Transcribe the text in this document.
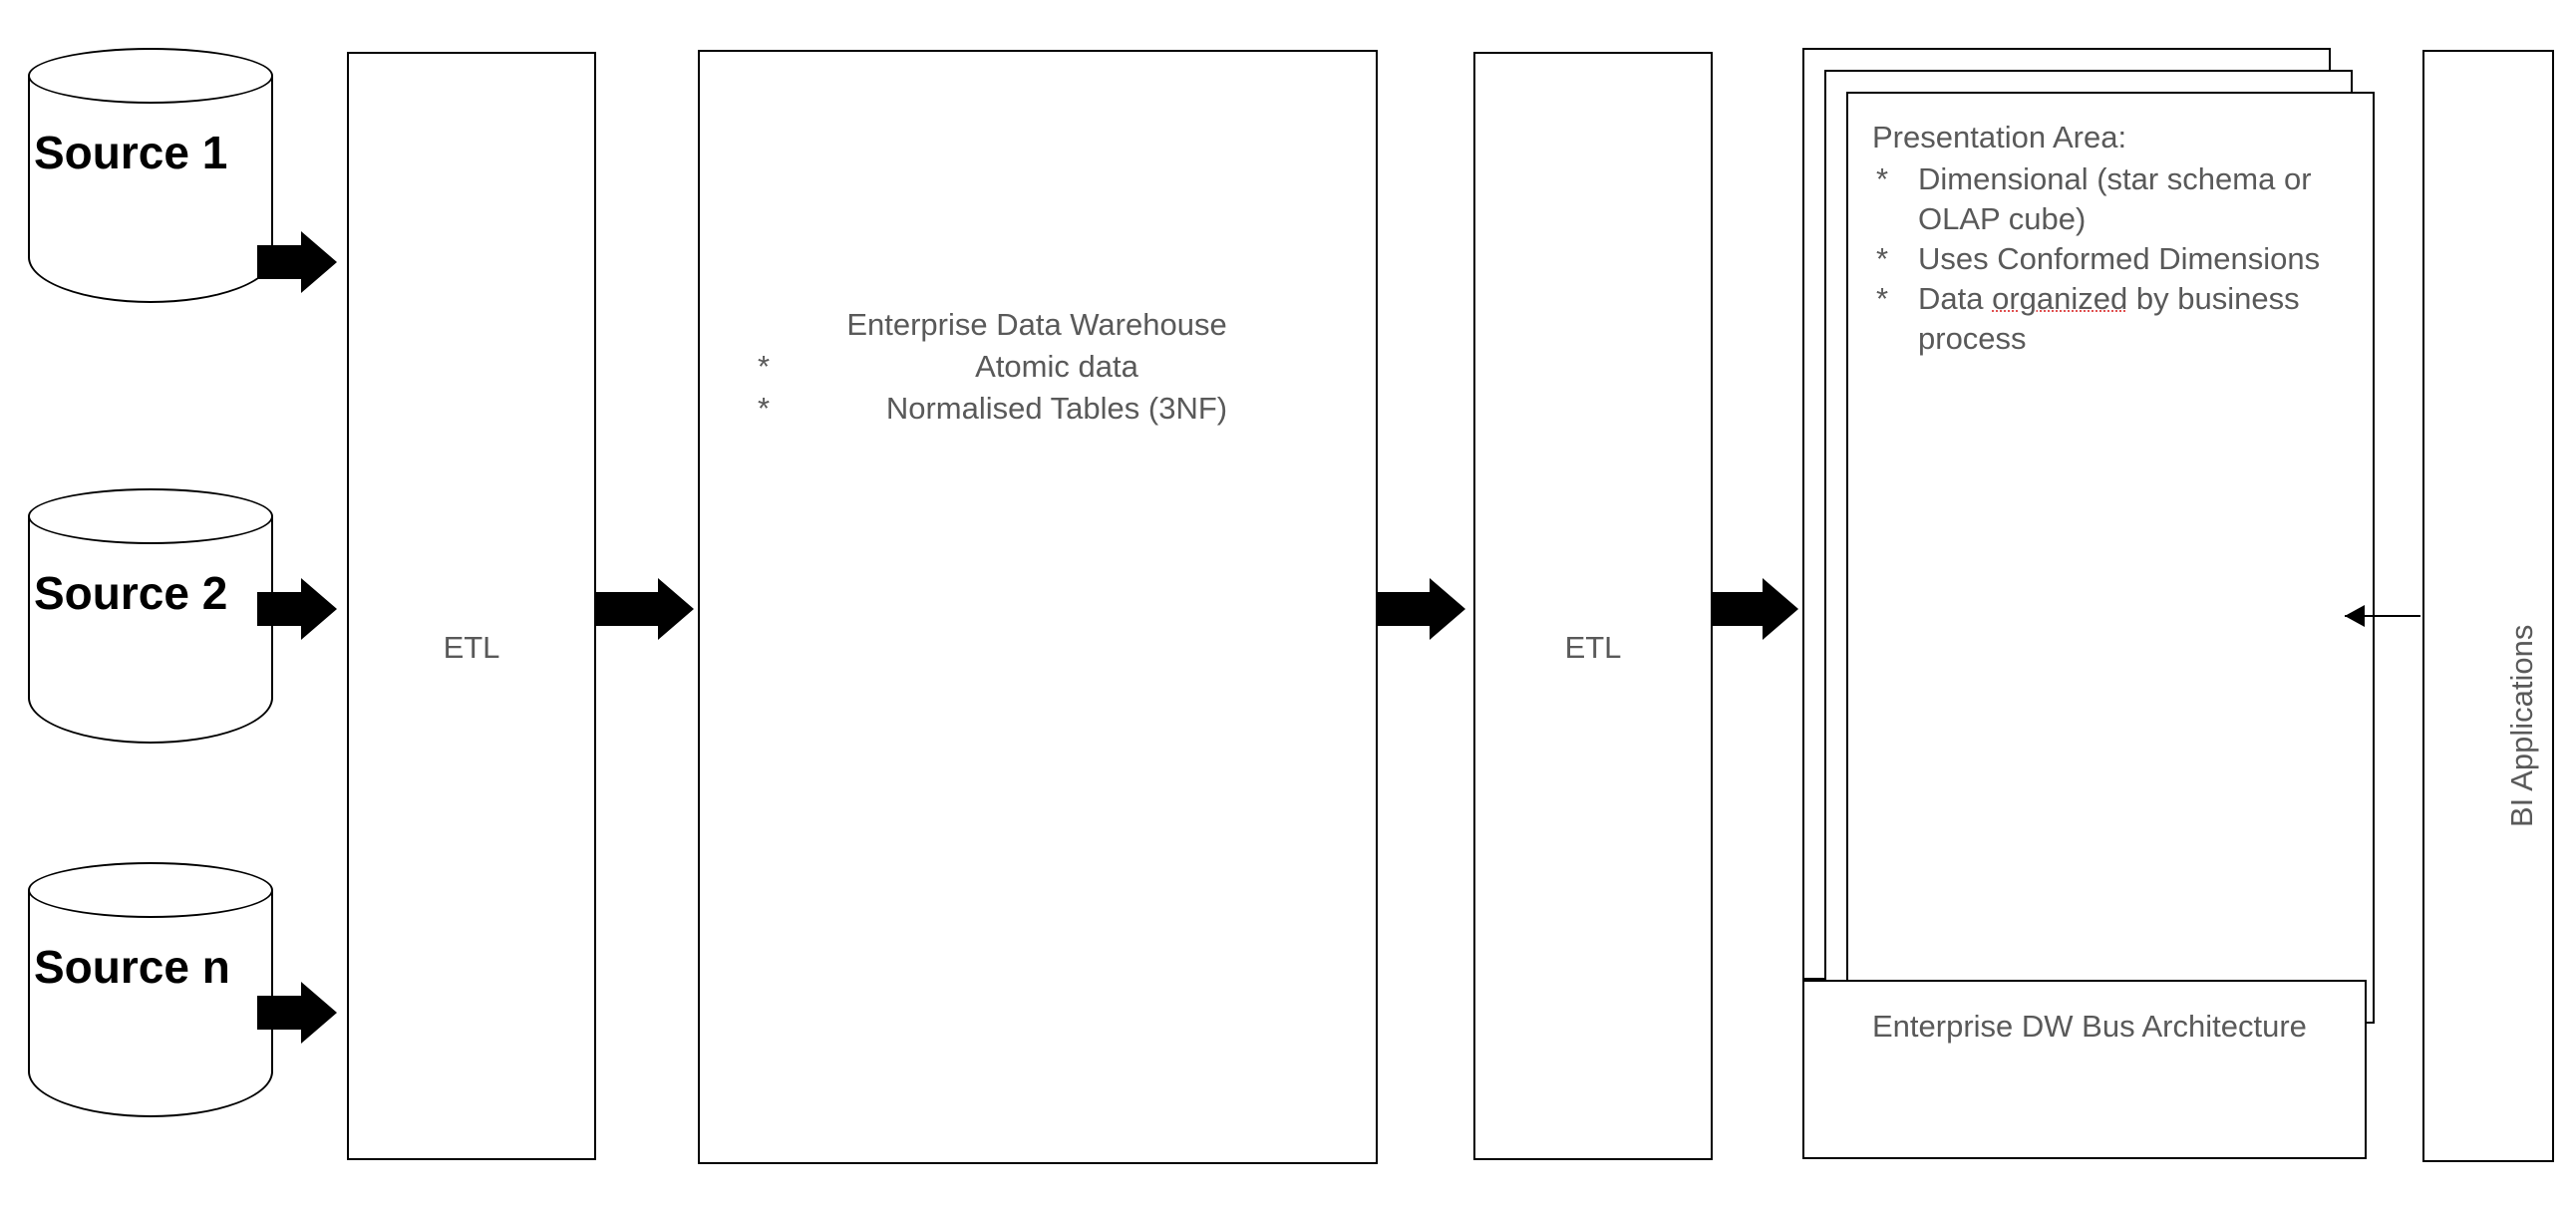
Source 1
Source 2
Source n
ETL
Enterprise Data Warehouse
*	Atomic data
*	Normalised Tables (3NF)
ETL
Presentation Area:
* Dimensional (star schema or OLAP cube)
* Uses Conformed Dimensions
* Data organized by business process
Enterprise DW Bus Architecture
BI Applications
